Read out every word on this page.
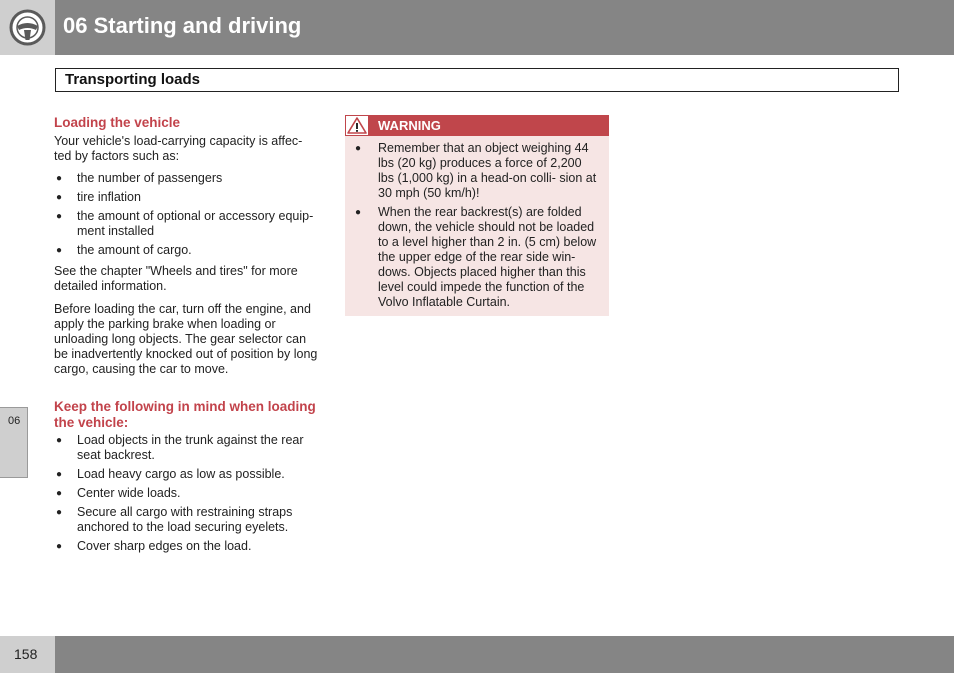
06 Starting and driving
Transporting loads
Loading the vehicle

Your vehicle's load-carrying capacity is affec- ted by factors such as:

● the number of passengers
● tire inflation
● the amount of optional or accessory equip- ment installed
● the amount of cargo.

See the chapter "Wheels and tires" for more detailed information.

Before loading the car, turn off the engine, and apply the parking brake when loading or unloading long objects. The gear selector can be inadvertently knocked out of position by long cargo, causing the car to move.

Keep the following in mind when loading the vehicle:
● Load objects in the trunk against the rear seat backrest.
● Load heavy cargo as low as possible.
● Center wide loads.
● Secure all cargo with restraining straps anchored to the load securing eyelets.
● Cover sharp edges on the load.
WARNING
● Remember that an object weighing 44 lbs (20 kg) produces a force of 2,200 lbs (1,000 kg) in a head-on colli- sion at 30 mph (50 km/h)!
● When the rear backrest(s) are folded down, the vehicle should not be loaded to a level higher than 2 in. (5 cm) below the upper edge of the rear side win- dows. Objects placed higher than this level could impede the function of the Volvo Inflatable Curtain.
06
158
